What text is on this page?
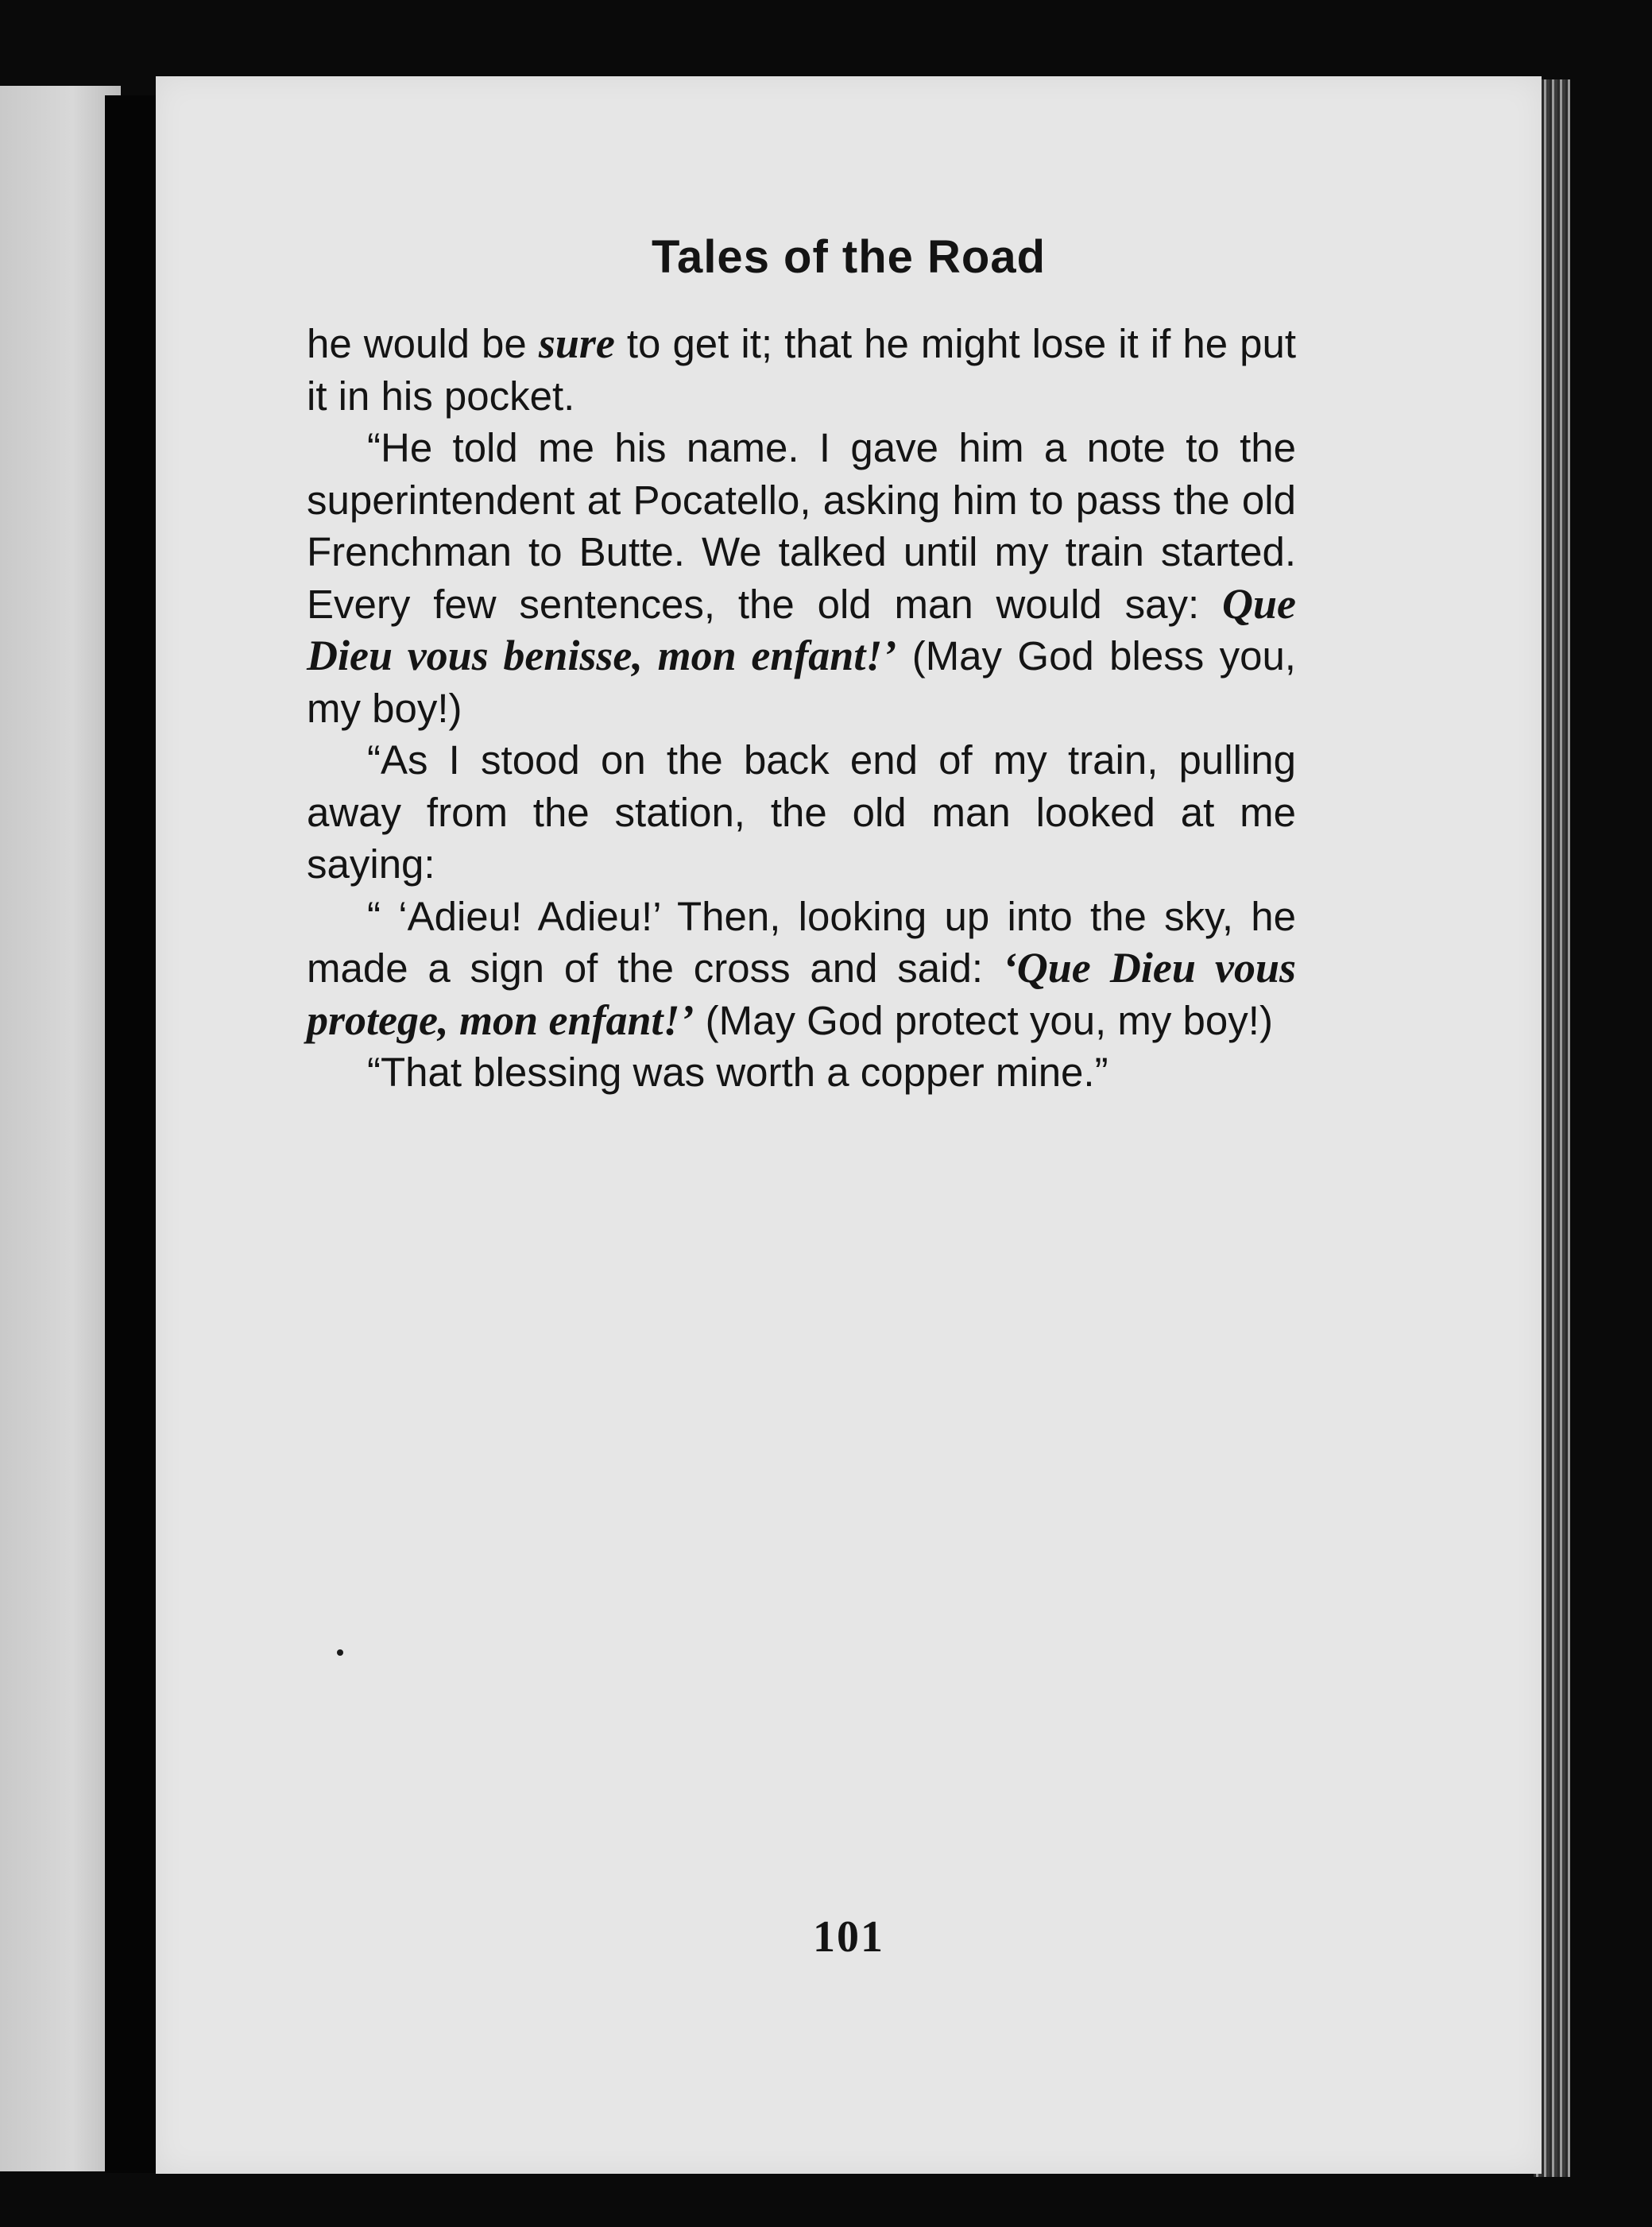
Tales of the Road

he would be sure to get it; that he might lose it if he put it in his pocket.

“He told me his name. I gave him a note to the superintendent at Pocatello, asking him to pass the old Frenchman to Butte. We talked until my train started. Every few sentences, the old man would say: Que Dieu vous benisse, mon enfant!’ (May God bless you, my boy!)

“As I stood on the back end of my train, pulling away from the station, the old man looked at me saying:

“ ‘Adieu! Adieu!’ Then, looking up into the sky, he made a sign of the cross and said: ‘Que Dieu vous protege, mon enfant!’ (May God protect you, my boy!)

“That blessing was worth a copper mine.”

101
